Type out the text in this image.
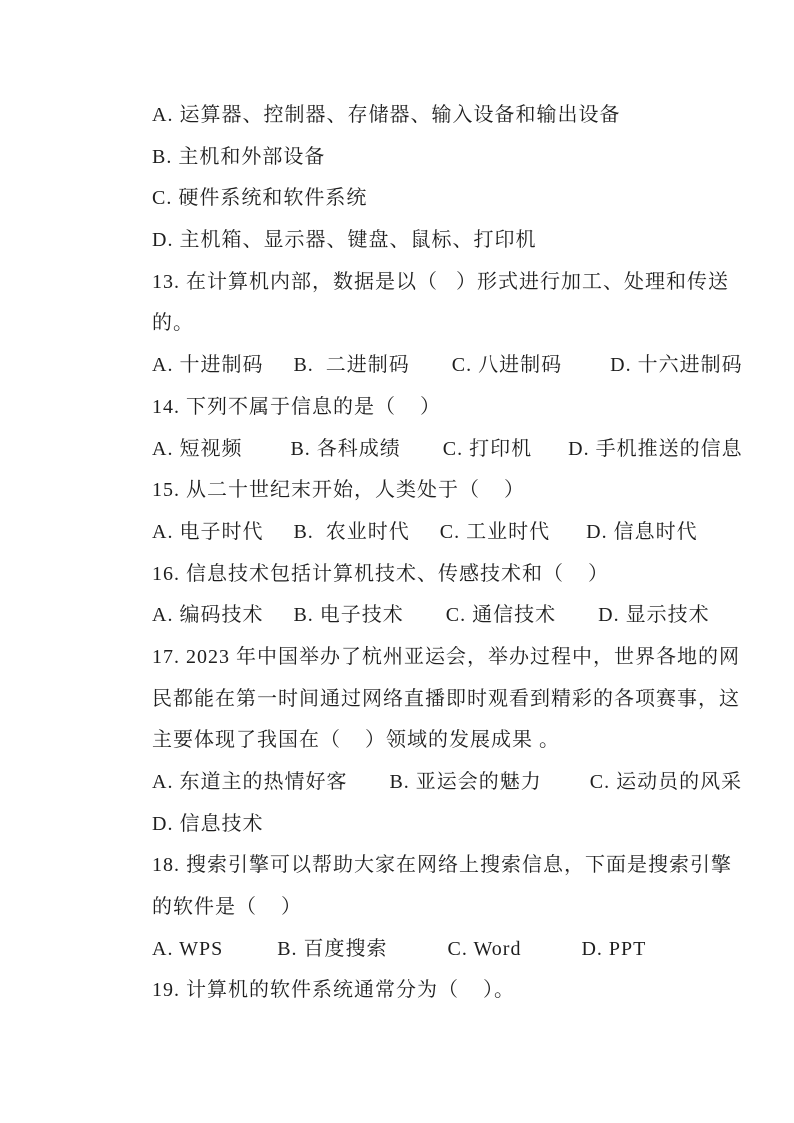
A. 运算器、控制器、存储器、输入设备和输出设备
B. 主机和外部设备
C. 硬件系统和软件系统
D. 主机箱、显示器、键盘、鼠标、打印机
13. 在计算机内部，数据是以（   ）形式进行加工、处理和传送
的。
A. 十进制码     B.  二进制码       C. 八进制码        D. 十六进制码
14. 下列不属于信息的是（    ）
A. 短视频        B. 各科成绩       C. 打印机      D. 手机推送的信息
15. 从二十世纪末开始，人类处于（    ）
A. 电子时代     B.  农业时代     C. 工业时代      D. 信息时代
16. 信息技术包括计算机技术、传感技术和（    ）
A. 编码技术     B. 电子技术       C. 通信技术       D. 显示技术
17. 2023 年中国举办了杭州亚运会，举办过程中，世界各地的网
民都能在第一时间通过网络直播即时观看到精彩的各项赛事，这
主要体现了我国在（    ）领域的发展成果 。
A. 东道主的热情好客       B. 亚运会的魅力        C. 运动员的风采
D. 信息技术
18. 搜索引擎可以帮助大家在网络上搜索信息，下面是搜索引擎
的软件是（    ）
A. WPS         B. 百度搜索          C. Word          D. PPT
19. 计算机的软件系统通常分为（    ）。
